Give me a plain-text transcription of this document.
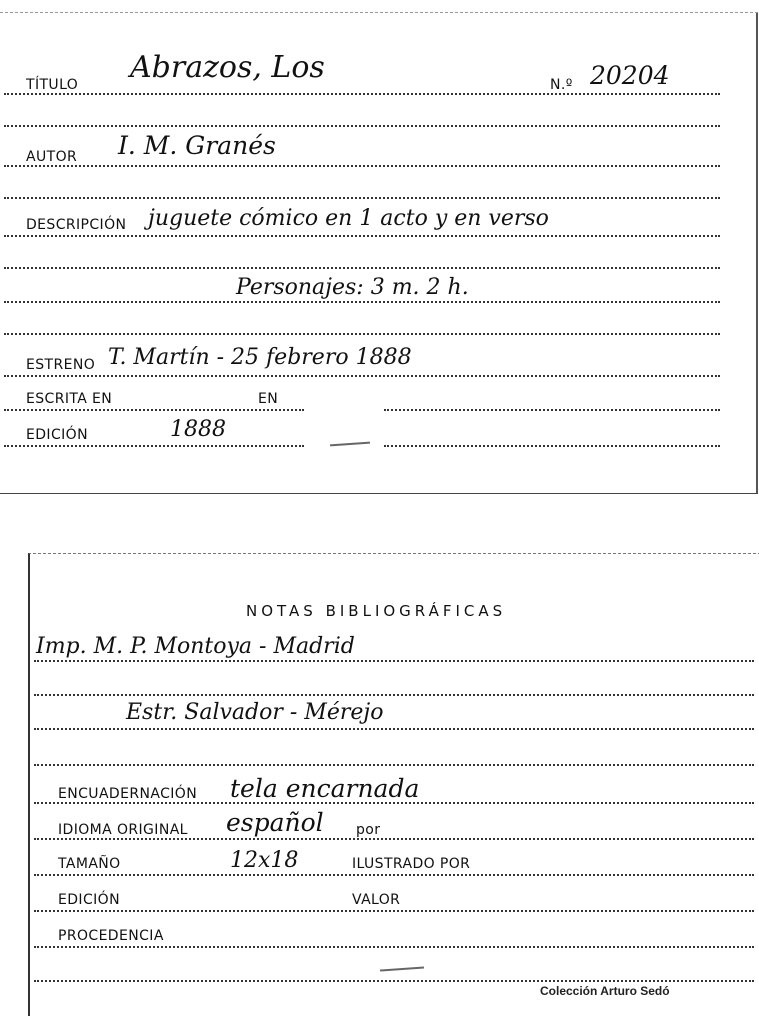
TÍTULO Abrazos, Los	N.º 20204
AUTOR I. M. Granés
DESCRIPCIÓN juguete cómico en 1 acto y en verso
Personajes: 3 m. 2 h.
ESTRENO T. Martín - 25 febrero 1888
ESCRITA EN	EN
EDICIÓN	1888
NOTAS BIBLIOGRÁFICAS
Imp. M. P. Montoya - Madrid
Estr. Salvador - Mérejo
ENCUADERNACIÓN tela encarnada
IDIOMA ORIGINAL español por
TAMAÑO	12x18	ILUSTRADO POR
EDICIÓN	VALOR
PROCEDENCIA
Colección Arturo Sedó
